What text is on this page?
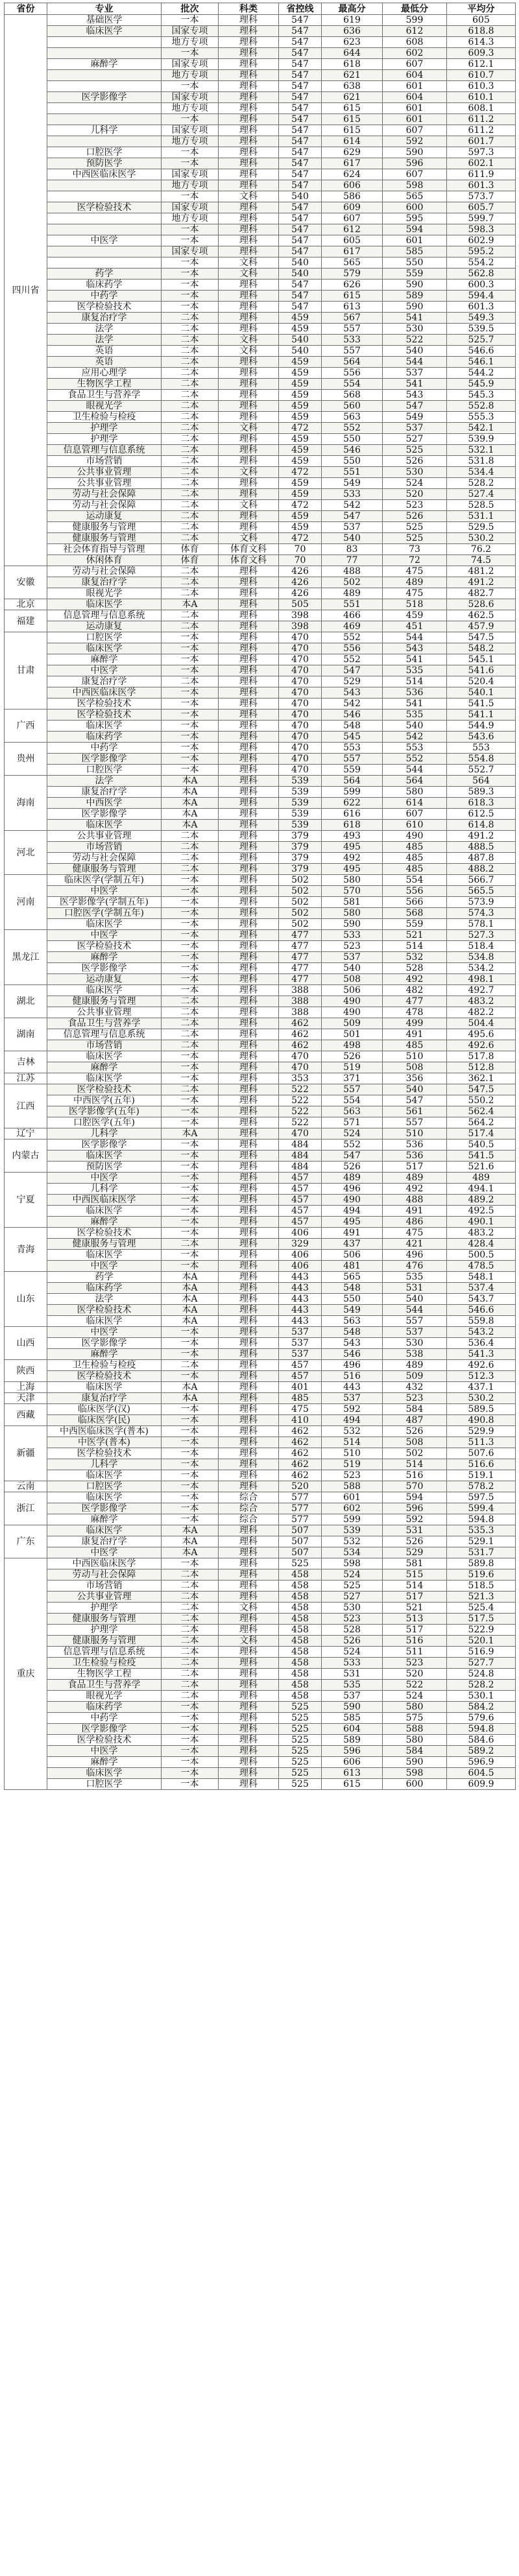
省份	专业	批次	科类	省控线	最高分	最低分	平均分
四川省	基础医学	一本	理科	547	619	599	605
	临床医学	国家专项	理科	547	636	612	618.8
		地方专项	理科	547	623	608	614.3
		一本	理科	547	644	602	609.3
	麻醉学	国家专项	理科	547	618	607	612.1
		地方专项	理科	547	621	604	610.7
		一本	理科	547	638	601	610.3
	医学影像学	国家专项	理科	547	621	604	610.1
		地方专项	理科	547	615	601	608.1
		一本	理科	547	615	601	611.2
	儿科学	国家专项	理科	547	615	607	611.2
		地方专项	理科	547	614	592	601.7
	口腔医学	一本	理科	547	629	590	597.3
	预防医学	一本	理科	547	617	596	602.1
	中西医临床医学	国家专项	理科	547	624	607	611.9
		地方专项	理科	547	606	598	601.3
		一本	文科	540	586	565	573.7
	医学检验技术	国家专项	理科	547	609	600	605.7
		地方专项	理科	547	607	595	599.7
		一本	理科	547	612	594	598.3
	中医学	一本	理科	547	605	601	602.9
		国家专项	理科	547	617	585	595.2
		一本	文科	540	565	550	554.2
	药学	一本	文科	540	579	559	562.8
	临床药学	一本	理科	547	626	590	600.3
	中药学	一本	理科	547	615	589	594.4
	医学检验技术	一本	理科	547	613	590	601.3
	康复治疗学	二本	理科	459	567	541	549.3
	法学	二本	理科	459	557	530	539.5
	法学	二本	文科	540	533	522	525.7
	英语	二本	文科	540	557	540	546.6
	英语	二本	理科	459	564	544	546.1
	应用心理学	二本	理科	459	556	537	544.2
	生物医学工程	二本	理科	459	554	541	545.9
	食品卫生与营养学	二本	理科	459	568	543	545.3
	眼视光学	二本	理科	459	560	547	552.8
	卫生检验与检疫	二本	理科	459	563	549	555.3
	护理学	二本	文科	472	552	537	542.1
	护理学	二本	理科	459	550	527	539.9
	信息管理与信息系统	二本	理科	459	546	525	532.1
	市场营销	二本	理科	459	550	526	531.8
	公共事业管理	二本	文科	472	551	530	534.4
	公共事业管理	二本	理科	459	549	524	528.2
	劳动与社会保障	二本	理科	459	533	520	527.4
	劳动与社会保障	二本	文科	472	542	523	528.5
	运动康复	二本	理科	459	547	526	531.1
	健康服务与管理	二本	理科	459	537	525	529.5
	健康服务与管理	二本	文科	472	540	525	530.2
	社会体育指导与管理	体育	体育文科	70	83	73	76.2
	休闲体育	体育	体育文科	70	77	72	74.5
安徽	劳动与社会保障	二本	理科	426	488	475	481.2
	康复治疗学	二本	理科	426	502	489	491.2
	眼视光学	二本	理科	426	489	475	482.7
北京	临床医学	本A	理科	505	551	518	528.6
福建	信息管理与信息系统	二本	理科	398	466	459	462.5
	运动康复	二本	理科	398	469	451	457.9
甘肃	口腔医学	一本	理科	470	552	544	547.5
	临床医学	一本	理科	470	556	543	548.2
	麻醉学	一本	理科	470	552	541	545.1
	中医学	一本	理科	470	547	535	541.6
	康复治疗学	二本	理科	470	529	514	520.4
	中西医临床医学	一本	理科	470	543	536	540.1
	医学检验技术	一本	理科	470	542	541	541.5
广西	医学检验技术	一本	理科	470	546	535	541.1
	临床医学	一本	理科	470	548	540	544.9
	临床药学	一本	理科	470	545	542	543.6
贵州	中药学	一本	理科	470	553	553	553
	医学影像学	一本	理科	470	557	552	554.8
	口腔医学	一本	理科	470	559	544	552.7
海南	法学	本A	理科	539	564	564	564
	康复治疗学	本A	理科	539	599	580	589.3
	中西医学	本A	理科	539	622	614	618.3
	医学影像学	本A	理科	539	616	607	612.5
	临床医学	本A	理科	539	618	610	614.8
河北	公共事业管理	二本	理科	379	493	490	491.2
	市场营销	二本	理科	379	495	485	488.5
	劳动与社会保障	二本	理科	379	492	485	487.8
	健康服务与管理	二本	理科	379	495	485	488.2
河南	临床医学(学制五年)	一本	理科	502	580	554	566.7
	中医学	一本	理科	502	570	556	565.5
	医学影像学(学制五年)	一本	理科	502	581	566	573.9
	口腔医学(学制五年)	一本	理科	502	580	568	574.3
	临床医学	一本	理科	502	590	559	578.1
黑龙江	中医学	一本	理科	477	533	521	527.3
	医学检验技术	一本	理科	477	523	514	518.4
	麻醉学	一本	理科	477	537	532	534.8
	医学影像学	一本	理科	477	540	528	534.2
	运动康复	一本	理科	477	508	492	498.1
湖北	临床医学	一本	理科	388	506	482	492.7
	健康服务与管理	二本	理科	388	490	477	483.2
	公共事业管理	二本	理科	388	490	478	482.2
湖南	食品卫生与营养学	二本	理科	462	509	499	504.4
	信息管理与信息系统	二本	理科	462	501	491	495.6
	市场营销	二本	理科	462	498	485	492.6
吉林	临床医学	一本	理科	470	526	510	517.8
	麻醉学	一本	理科	470	519	508	512.8
江苏	临床医学	一本	理科	353	371	356	362.1
江西	医学检验技术	二本	理科	522	557	540	547.5
	中西医学(五年)	一本	理科	522	554	547	550.2
	医学影像学(五年)	一本	理科	522	563	561	562.4
	口腔医学(五年)	一本	理科	522	571	557	564.2
辽宁	儿科学	本A	理科	470	524	510	517.4
内蒙古	医学影像学	一本	理科	484	552	536	540.5
	临床医学	一本	理科	484	547	536	541.5
	预防医学	一本	理科	484	526	517	521.6
宁夏	中医学	一本	理科	457	489	489	489
	儿科学	一本	理科	457	496	492	494.1
	中西医临床医学	一本	理科	457	490	488	489.2
	临床医学	一本	理科	457	494	491	492.5
	麻醉学	一本	理科	457	495	486	490.1
青海	医学检验技术	一本	理科	406	491	475	483.2
	健康服务与管理	二本	理科	329	437	421	428.4
	临床医学	一本	理科	406	506	496	500.5
	中医学	一本	理科	406	481	476	478.5
山东	药学	本A	理科	443	565	535	548.1
	临床药学	本A	理科	443	548	531	537.4
	法学	本A	理科	443	550	540	543.7
	医学检验技术	本A	理科	443	549	544	546.6
	临床医学	本A	理科	443	563	557	559.8
山西	中医学	一本	理科	537	548	537	543.2
	医学影像学	一本	理科	537	543	530	536.4
	麻醉学	一本	理科	537	546	538	541.3
陕西	卫生检验与检疫	二本	理科	457	496	489	492.6
	医学检验技术	一本	理科	457	516	509	512.3
上海	临床医学	本A	理科	401	443	432	437.1
天津	康复治疗学	本A	理科	485	537	523	530.2
西藏	临床医学(汉)	一本	理科	475	592	584	589.5
	临床医学(民)	一本	理科	410	494	487	490.8
新疆	中西医临床医学(普本)	一本	理科	462	532	526	529.9
	中医学(普本)	一本	理科	462	514	508	511.3
	医学检验技术	一本	理科	462	510	502	507.6
	儿科学	一本	理科	462	519	514	516.6
	临床医学	一本	理科	462	523	516	519.1
云南	口腔医学	一本	理科	520	588	570	578.2
浙江	临床医学	一本	综合	577	601	594	597.5
	医学影像学	一本	综合	577	602	596	599.4
	麻醉学	一本	综合	577	599	592	594.8
广东	临床医学	本A	理科	507	539	531	535.3
	康复治疗学	本A	理科	507	532	526	529.1
	中医学	本A	理科	507	534	529	531.7
重庆	中西医临床医学	一本	理科	525	598	581	589.8
	劳动与社会保障	二本	理科	458	524	515	519.6
	市场营销	二本	理科	458	525	514	518.5
	公共事业管理	二本	理科	458	527	517	521.3
	护理学	二本	文科	458	530	521	525.4
	健康服务与管理	二本	理科	458	523	513	517.5
	护理学	二本	理科	458	528	517	522.9
	健康服务与管理	二本	文科	458	526	516	520.1
	信息管理与信息系统	二本	理科	458	524	511	516.9
	卫生检验与检疫	二本	理科	458	533	523	527.7
	生物医学工程	二本	理科	458	531	520	524.8
	食品卫生与营养学	二本	理科	458	535	522	528.2
	眼视光学	二本	理科	458	537	524	530.1
	临床药学	一本	理科	525	590	580	584.2
	中药学	一本	理科	525	585	575	579.6
	医学影像学	一本	理科	525	604	588	594.8
	医学检验技术	一本	理科	525	589	580	584.6
	中医学	一本	理科	525	596	584	589.2
	麻醉学	一本	理科	525	606	590	596.9
	临床医学	一本	理科	525	613	598	604.5
	口腔医学	一本	理科	525	615	600	609.9
